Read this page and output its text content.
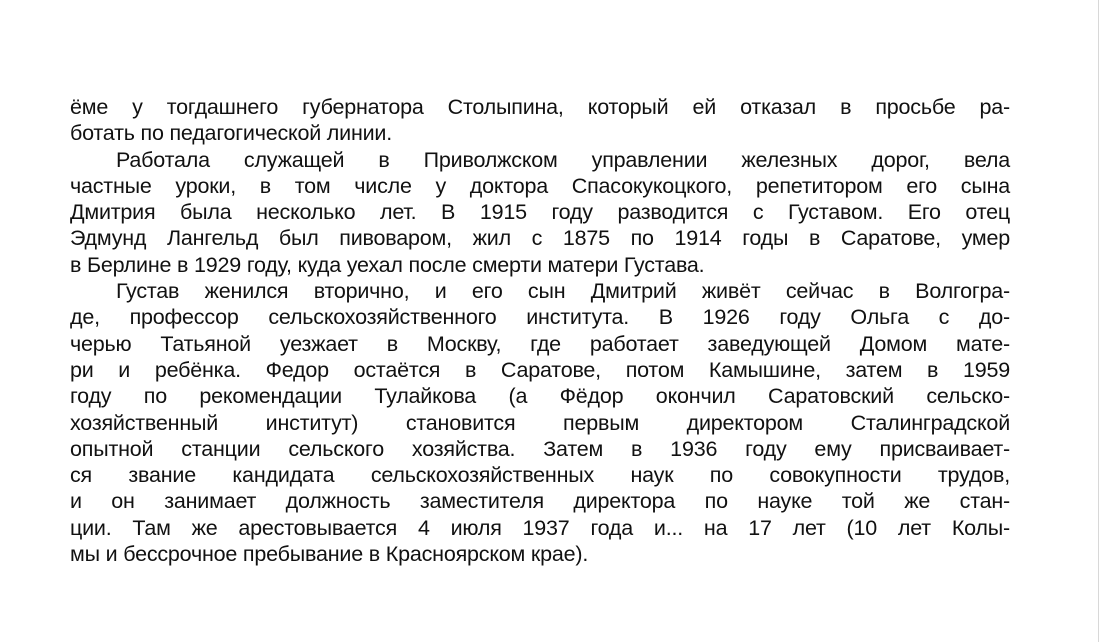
ёме у тогдашнего губернатора Столыпина, который ей отказал в просьбе ра-
ботать по педагогической линии.
Работала служащей в Приволжском управлении железных дорог, вела
частные уроки, в том числе у доктора Спасокукоцкого, репетитором его сына
Дмитрия была несколько лет. В 1915 году разводится с Густавом. Его отец
Эдмунд Лангельд был пивоваром, жил с 1875 по 1914 годы в Саратове, умер
в Берлине в 1929 году, куда уехал после смерти матери Густава.
Густав женился вторично, и его сын Дмитрий живёт сейчас в Волгогра-
де, профессор сельскохозяйственного института. В 1926 году Ольга с до-
черью Татьяной уезжает в Москву, где работает заведующей Домом мате-
ри и ребёнка. Федор остаётся в Саратове, потом Камышине, затем в 1959
году по рекомендации Тулайкова (а Фёдор окончил Саратовский сельско-
хозяйственный институт) становится первым директором Сталинградской
опытной станции сельского хозяйства. Затем в 1936 году ему присваивает-
ся звание кандидата сельскохозяйственных наук по совокупности трудов,
и он занимает должность заместителя директора по науке той же стан-
ции. Там же арестовывается 4 июля 1937 года и... на 17 лет (10 лет Колы-
мы и бессрочное пребывание в Красноярском крае).
